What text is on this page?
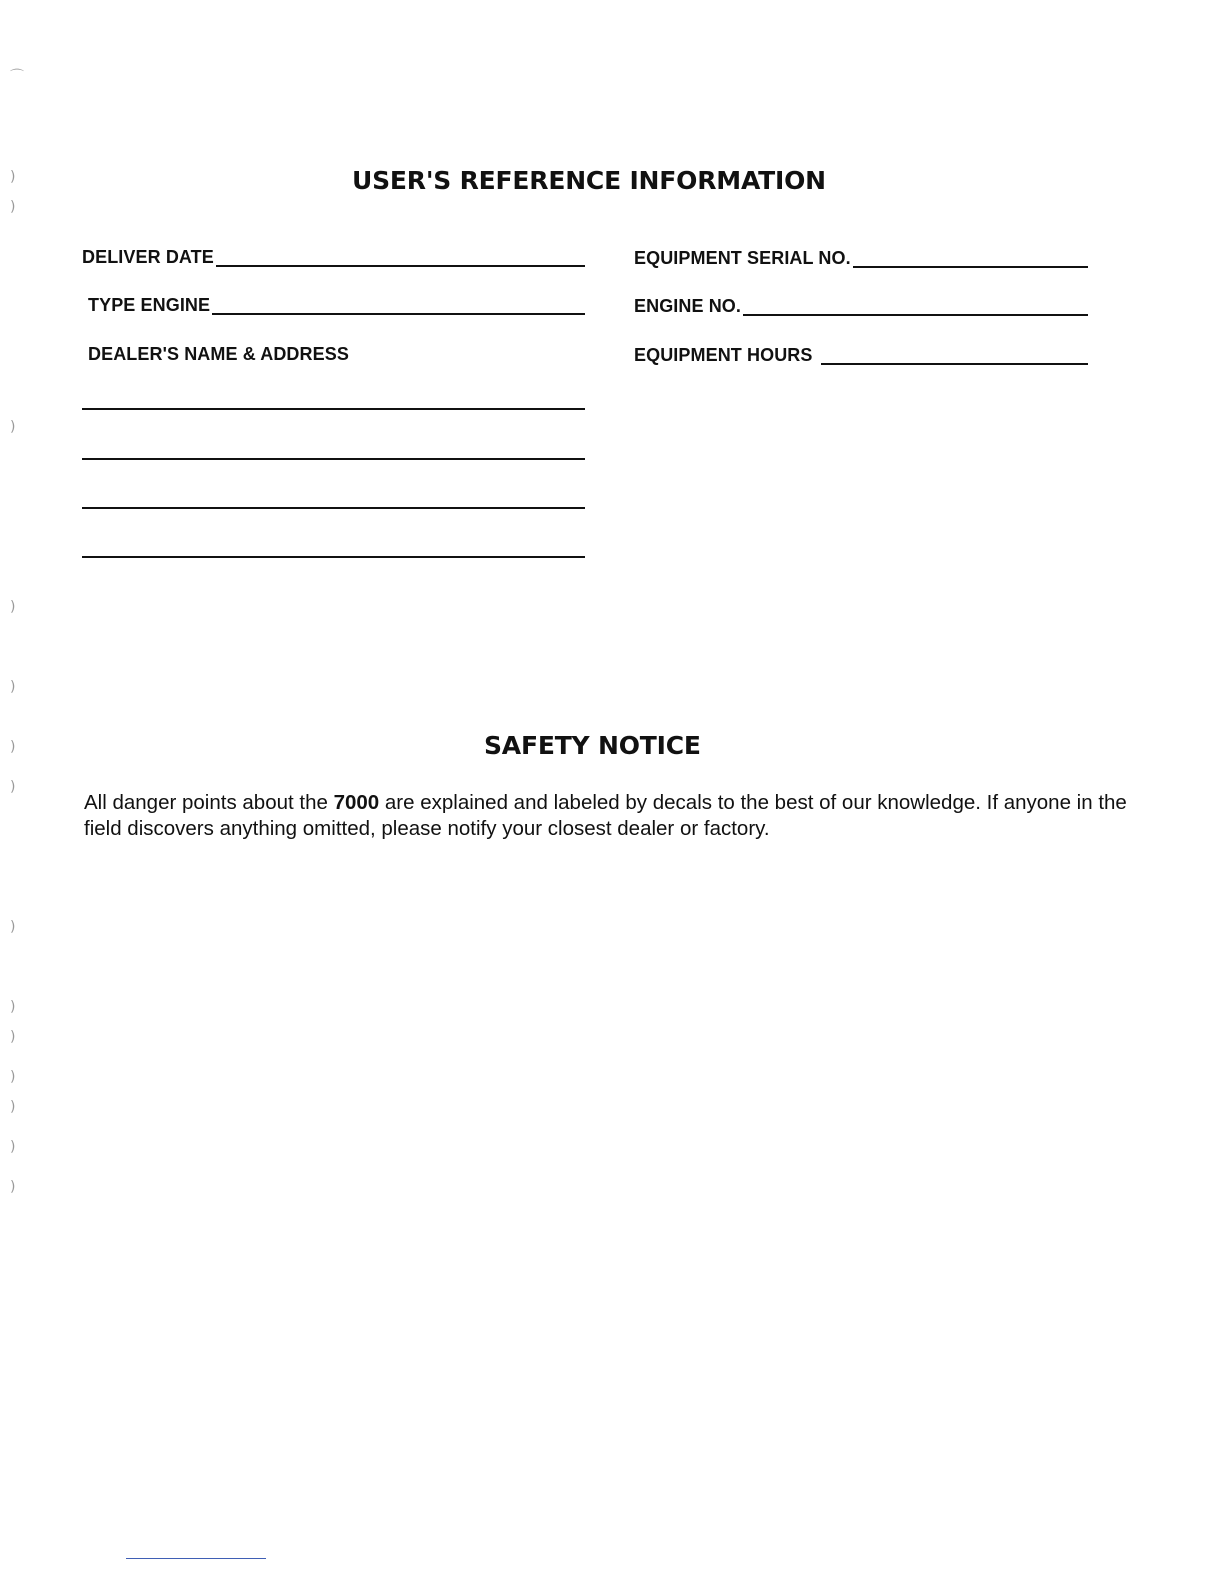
⌒
)
)
)
)
)
)
)
)
)
)
)
)
)
)
USER'S REFERENCE INFORMATION
DELIVER DATE
TYPE ENGINE
DEALER'S NAME & ADDRESS
EQUIPMENT SERIAL NO.
ENGINE NO.
EQUIPMENT HOURS
SAFETY NOTICE

All danger points about the 7000 are explained and labeled by decals to the best of our knowledge. If anyone in the field discovers anything omitted, please notify your closest dealer or factory.
